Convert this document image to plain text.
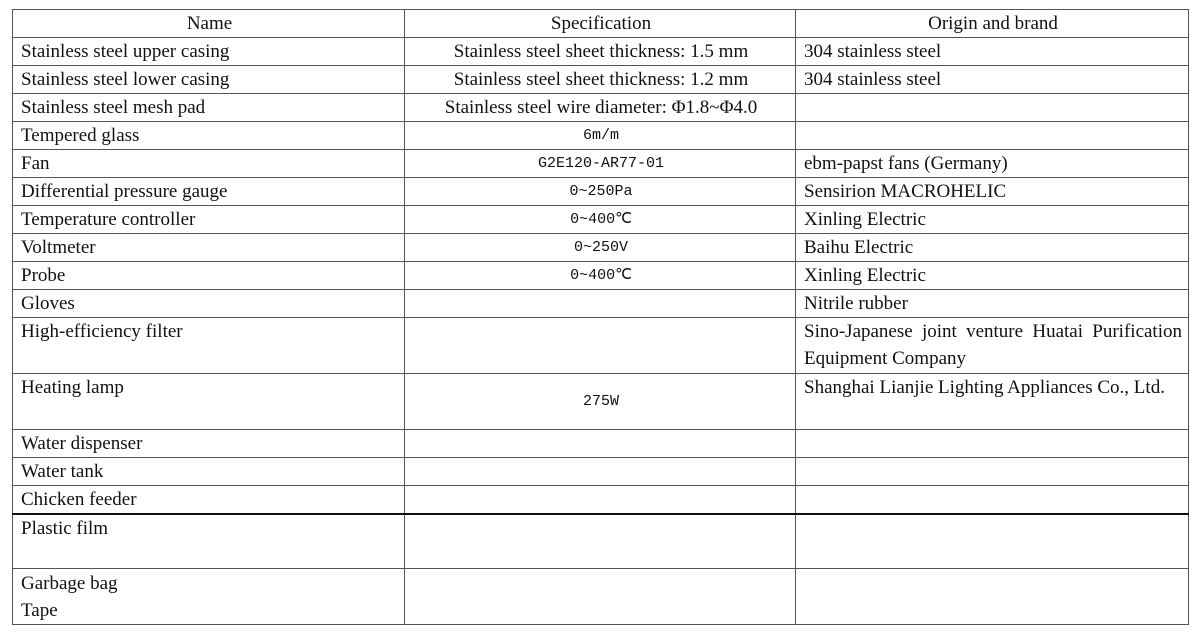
Name	Specification	Origin and brand
Stainless steel upper casing	Stainless steel sheet thickness: 1.5 mm	304 stainless steel
Stainless steel lower casing	Stainless steel sheet thickness: 1.2 mm	304 stainless steel
Stainless steel mesh pad	Stainless steel wire diameter: Φ1.8~Φ4.0	
Tempered glass	6m/m	
Fan	G2E120-AR77-01	ebm-papst fans (Germany)
Differential pressure gauge	0~250Pa	Sensirion MACROHELIC
Temperature controller	0~400℃	Xinling Electric
Voltmeter	0~250V	Baihu Electric
Probe	0~400℃	Xinling Electric
Gloves		Nitrile rubber
High-efficiency filter		Sino-Japanese joint venture Huatai Purification Equipment Company
Heating lamp	275W	Shanghai Lianjie Lighting Appliances Co., Ltd.
Water dispenser		
Water tank		
Chicken feeder		
Plastic film		

Garbage bag
Tape		
